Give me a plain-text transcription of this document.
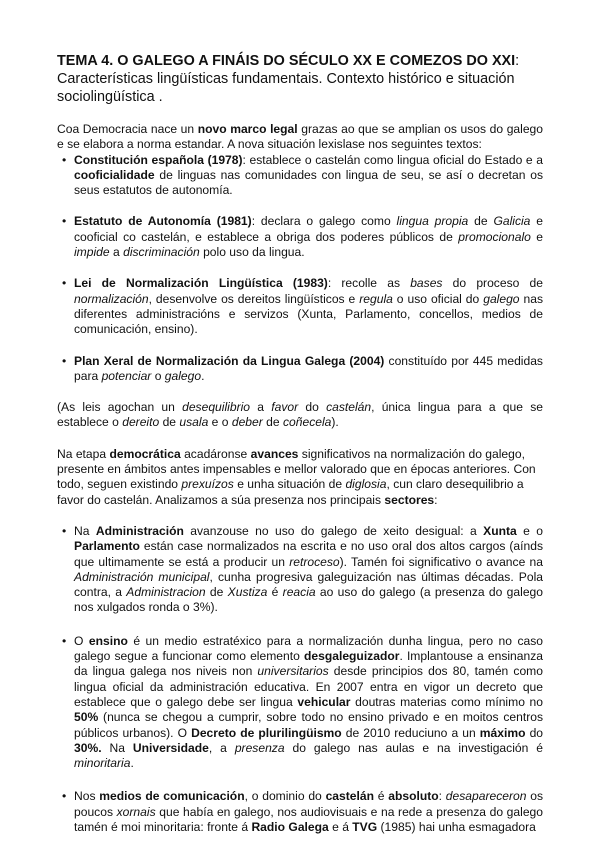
TEMA 4. O GALEGO A FINÁIS DO SÉCULO XX E COMEZOS DO XXI:

Características lingüísticas fundamentais. Contexto histórico e situación sociolingüística .

Coa Democracia nace un novo marco legal grazas ao que se amplian os usos do galego e se elabora a norma estandar. A nova situación lexislase nos seguintes textos:

• Constitución española (1978): establece o castelán como lingua oficial do Estado e a cooficialidade de linguas nas comunidades con lingua de seu, se así o decretan os seus estatutos de autonomía.
• Estatuto de Autonomía (1981): declara o galego como lingua propia de Galicia e cooficial co castelán, e establece a obriga dos poderes públicos de promocionalo e impide a discriminación polo uso da lingua.
• Lei de Normalización Lingüística (1983): recolle as bases do proceso de normalización, desenvolve os dereitos lingüísticos e regula o uso oficial do galego nas diferentes administracións e servizos (Xunta, Parlamento, concellos, medios de comunicación, ensino).
• Plan Xeral de Normalización da Lingua Galega (2004) constituído por 445 medidas para potenciar o galego.

(As leis agochan un desequilibrio a favor do castelán, única lingua para a que se establece o dereito de usala e o deber de coñecela).

Na etapa democrática acadáronse avances significativos na normalización do galego, presente en ámbitos antes impensables e mellor valorado que en épocas anteriores. Con todo, seguen existindo prexuízos e unha situación de diglosia, cun claro desequilibrio a favor do castelán. Analizamos a súa presenza nos principais sectores:

• Na Administración avanzouse no uso do galego de xeito desigual: a Xunta e o Parlamento están case normalizados na escrita e no uso oral dos altos cargos (aínds que ultimamente se está a producir un retroceso). Tamén foi significativo o avance na Administración municipal, cunha progresiva galeguización nas últimas décadas. Pola contra, a Administracion de Xustiza é reacia ao uso do galego (a presenza do galego nos xulgados ronda o 3%).
• O ensino é un medio estratéxico para a normalización dunha lingua, pero no caso galego segue a funcionar como elemento desgaleguizador. Implantouse a ensinanza da lingua galega nos niveis non universitarios desde principios dos 80, tamén como lingua oficial da administración educativa. En 2007 entra en vigor un decreto que establece que o galego debe ser lingua vehicular doutras materias como mínimo no 50% (nunca se chegou a cumprir, sobre todo no ensino privado e en moitos centros públicos urbanos). O Decreto de plurilingüismo de 2010 reduciuno a un máximo do 30%. Na Universidade, a presenza do galego nas aulas e na investigación é minoritaria.
• Nos medios de comunicación, o dominio do castelán é absoluto: desapareceron os poucos xornais que había en galego, nos audiovisuais e na rede a presenza do galego tamén é moi minoritaria: fronte á Radio Galega e á TVG (1985) hai unha esmagadora
